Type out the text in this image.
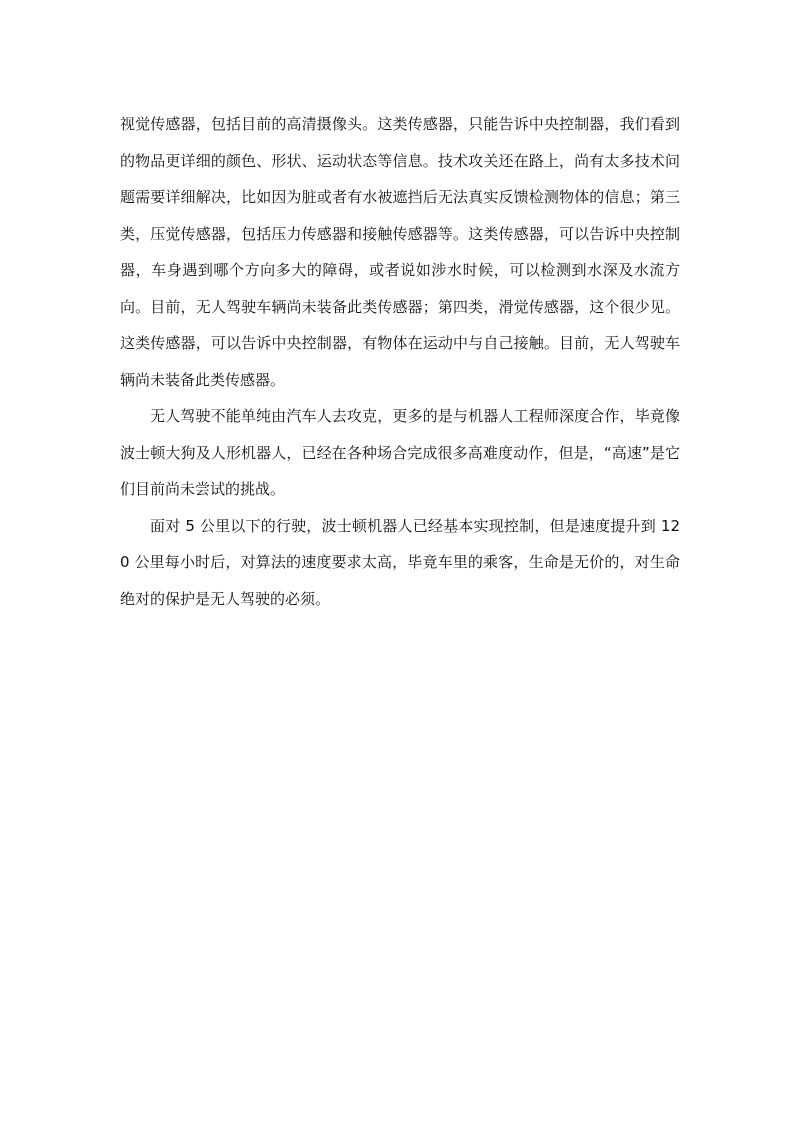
视觉传感器，包括目前的高清摄像头。这类传感器，只能告诉中央控制器，我们看到的物品更详细的颜色、形状、运动状态等信息。技术攻关还在路上，尚有太多技术问题需要详细解决，比如因为脏或者有水被遮挡后无法真实反馈检测物体的信息；第三类，压觉传感器，包括压力传感器和接触传感器等。这类传感器，可以告诉中央控制器，车身遇到哪个方向多大的障碍，或者说如涉水时候，可以检测到水深及水流方向。目前，无人驾驶车辆尚未装备此类传感器；第四类，滑觉传感器，这个很少见。这类传感器，可以告诉中央控制器，有物体在运动中与自己接触。目前，无人驾驶车辆尚未装备此类传感器。

无人驾驶不能单纯由汽车人去攻克，更多的是与机器人工程师深度合作，毕竟像波士顿大狗及人形机器人，已经在各种场合完成很多高难度动作，但是，“高速”是它们目前尚未尝试的挑战。

面对 5 公里以下的行驶，波士顿机器人已经基本实现控制，但是速度提升到 120 公里每小时后，对算法的速度要求太高，毕竟车里的乘客，生命是无价的，对生命绝对的保护是无人驾驶的必须。
